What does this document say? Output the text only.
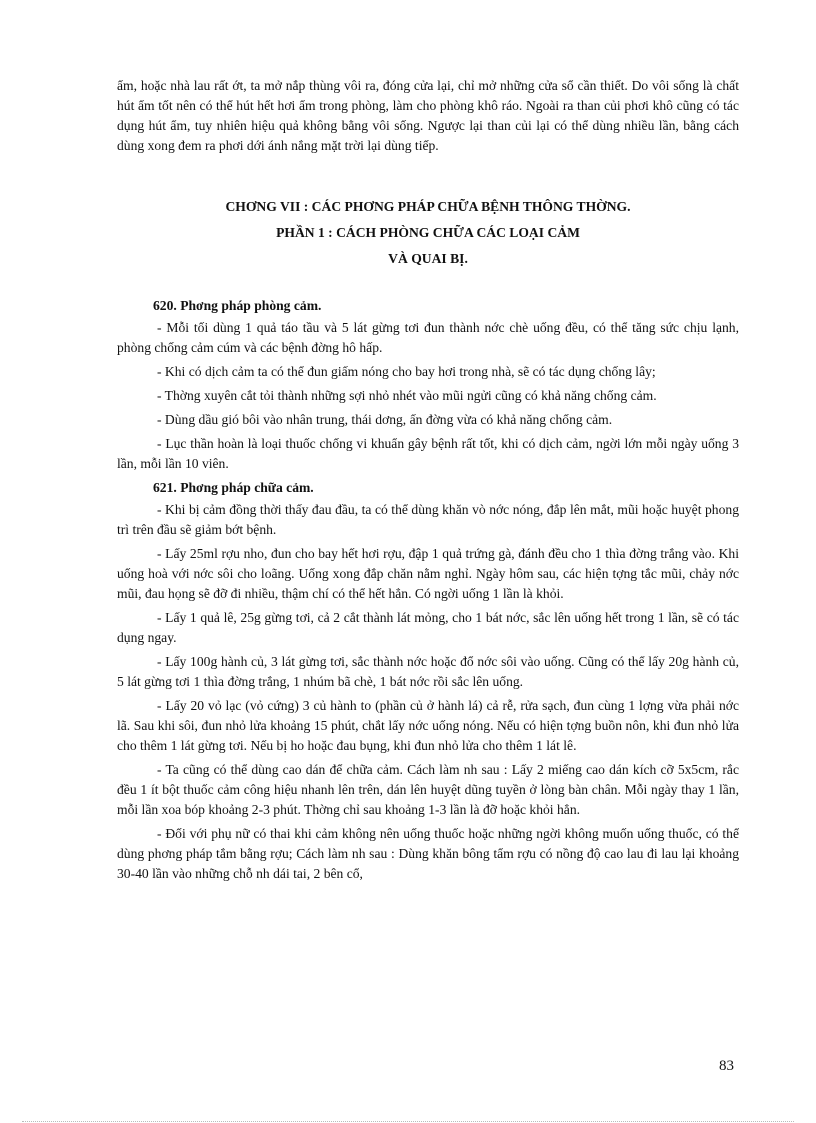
ẩm, hoặc nhà lau rất ớt, ta mở nắp thùng vôi ra, đóng cửa lại, chỉ mở những cửa sổ cần thiết. Do vôi sống là chất hút ẩm tốt nên có thể hút hết hơi ẩm trong phòng, làm cho phòng khô ráo. Ngoài ra than củi phơi khô cũng có tác dụng hút ẩm, tuy nhiên hiệu quả không bằng vôi sống. Ngược lại than củi lại có thể dùng nhiều lần, bằng cách dùng xong đem ra phơi dới ánh nắng mặt trời lại dùng tiếp.

CHƠNG VII : CÁC PHƠNG PHÁP CHỮA BỆNH THÔNG THỜNG.

PHẦN 1 : CÁCH PHÒNG CHỮA CÁC LOẠI CẢM

VÀ QUAI BỊ.

620. Phơng pháp phòng cảm.

- Mỗi tối dùng 1 quả táo tầu và 5 lát gừng tơi đun thành nớc chè uống đều, có thể tăng sức chịu lạnh, phòng chống cảm cúm và các bệnh đờng hô hấp.

- Khi có dịch cảm ta có thể đun giấm nóng cho bay hơi trong nhà, sẽ có tác dụng chống lây;

- Thờng xuyên cắt tỏi thành những sợi nhỏ nhét vào mũi ngửi cũng có khả năng chống cảm.

- Dùng dầu gió bôi vào nhân trung, thái dơng, ấn đờng vừa có khả năng chống cảm.

- Lục thần hoàn là loại thuốc chống vi khuẩn gây bệnh rất tốt, khi có dịch cảm, ngời lớn mỗi ngày uống 3 lần, mỗi lần 10 viên.

621. Phơng pháp chữa cảm.

- Khi bị cảm đồng thời thấy đau đầu, ta có thể dùng khăn vò nớc nóng, đắp lên mắt, mũi hoặc huyệt phong trì trên đầu sẽ giảm bớt bệnh.

- Lấy 25ml rợu nho, đun cho bay hết hơi rợu, đập 1 quả trứng gà, đánh đều cho 1 thìa đờng trắng vào. Khi uống hoà với nớc sôi cho loãng. Uống xong đắp chăn nằm nghỉ. Ngày hôm sau, các hiện tợng tắc mũi, chảy nớc mũi, đau họng sẽ đỡ đi nhiều, thậm chí có thể hết hẳn. Có ngời uống 1 lần là khỏi.

- Lấy 1 quả lê, 25g gừng tơi, cả 2 cắt thành lát mỏng, cho 1 bát nớc, sắc lên uống hết trong 1 lần, sẽ có tác dụng ngay.

- Lấy 100g hành củ, 3 lát gừng tơi, sắc thành nớc hoặc đổ nớc sôi vào uống. Cũng có thể lấy 20g hành củ, 5 lát gừng tơi 1 thìa đờng trắng, 1 nhúm bã chè, 1 bát nớc rồi sắc lên uống.

- Lấy 20 vỏ lạc (vỏ cứng) 3 củ hành to (phần củ ở hành lá) cả rễ, rửa sạch, đun cùng 1 lợng vừa phải nớc lã. Sau khi sôi, đun nhỏ lửa khoảng 15 phút, chắt lấy nớc uống nóng. Nếu có hiện tợng buồn nôn, khi đun nhỏ lửa cho thêm 1 lát gừng tơi. Nếu bị ho hoặc đau bụng, khi đun nhỏ lửa cho thêm 1 lát lê.

- Ta cũng có thể dùng cao dán để chữa cảm. Cách làm nh sau : Lấy 2 miếng cao dán kích cỡ 5x5cm, rắc đều 1 ít bột thuốc cảm công hiệu nhanh lên trên, dán lên huyệt dũng tuyền ở lòng bàn chân. Mỗi ngày thay 1 lần, mỗi lần xoa bóp khoảng 2-3 phút. Thờng chỉ sau khoảng 1-3 lần là đỡ hoặc khỏi hẳn.

- Đối với phụ nữ có thai khi cảm không nên uống thuốc hoặc những ngời không muốn uống thuốc, có thể dùng phơng pháp tắm bằng rợu; Cách làm nh sau : Dùng khăn bông tẩm rợu có nồng độ cao lau đi lau lại khoảng 30-40 lần vào những chỗ nh dái tai, 2 bên cổ,

83
